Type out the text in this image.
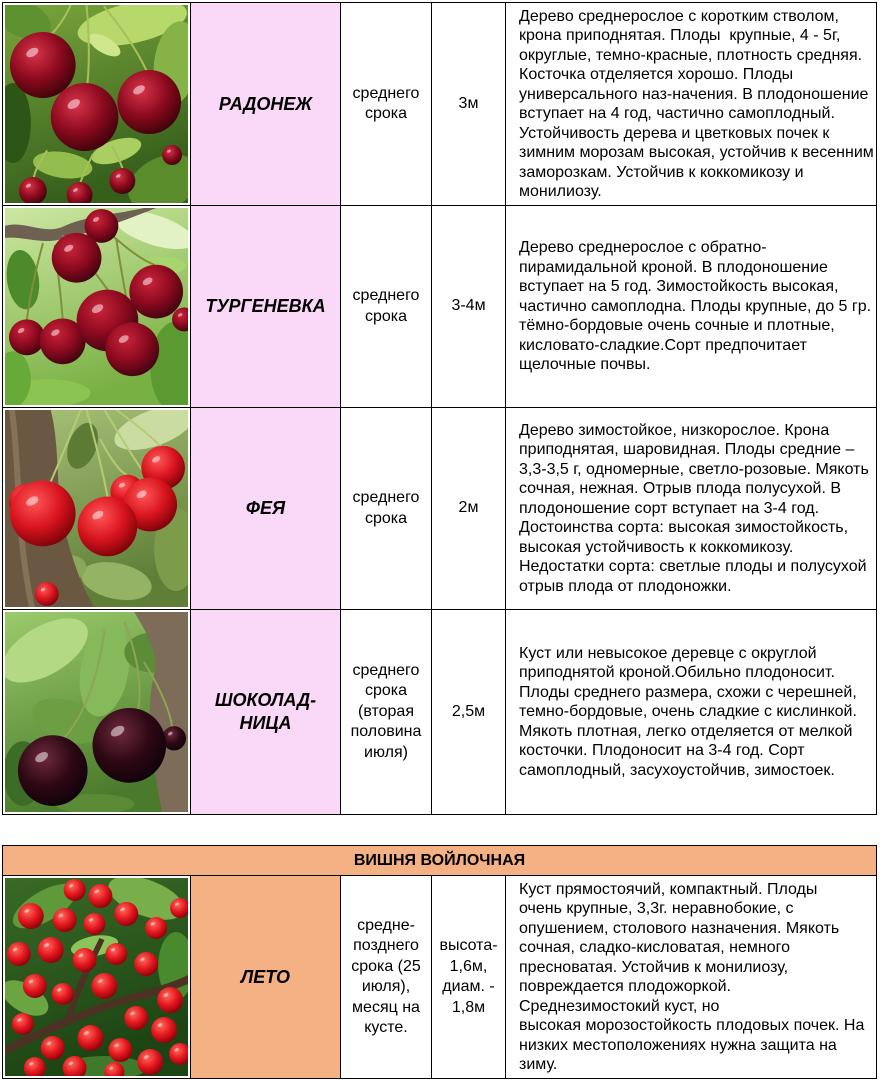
РАДОНЕЖ
среднего
срока
3м
Дерево среднерослое с коротким стволом,
крона приподнятая. Плоды  крупные, 4 - 5г,
округлые, темно-красные, плотность средняя.
Косточка отделяется хорошо. Плоды
универсального наз-начения. В плодоношение
вступает на 4 год, частично самоплодный.
Устойчивость дерева и цветковых почек к
зимним морозам высокая, устойчив к весенним
заморозкам. Устойчив к коккомикозу и
монилиозу.
ТУРГЕНЕВКА
среднего
срока
3-4м
Дерево среднерослое с обратно-
пирамидальной кроной. В плодоношение
вступает на 5 год. Зимостойкость высокая,
частично самоплодна. Плоды крупные, до 5 гр.
тёмно-бордовые очень сочные и плотные,
кисловато-сладкие.Сорт предпочитает
щелочные почвы.
ФЕЯ
среднего
срока
2м
Дерево зимостойкое, низкорослое. Крона
приподнятая, шаровидная. Плоды средние –
3,3-3,5 г, одномерные, светло-розовые. Мякоть
сочная, нежная. Отрыв плода полусухой. В
плодоношение сорт вступает на 3-4 год.
Достоинства сорта: высокая зимостойкость,
высокая устойчивость к коккомикозу.
Недостатки сорта: светлые плоды и полусухой
отрыв плода от плодоножки.
ШОКОЛАД-
НИЦА
среднего
срока
(вторая
половина
июля)
2,5м
Куст или невысокое деревце с округлой
приподнятой кроной.Обильно плодоносит.
Плоды среднего размера, схожи с черешней,
темно-бордовые, очень сладкие с кислинкой.
Мякоть плотная, легко отделяется от мелкой
косточки. Плодоносит на 3-4 год. Сорт
самоплодный, засухоустойчив, зимостоек.
ВИШНЯ ВОЙЛОЧНАЯ
ЛЕТО
средне-
позднего
срока (25
июля),
месяц на
кусте.
высота-
1,6м,
диам. -
1,8м
Куст прямостоячий, компактный. Плоды
очень крупные, 3,3г. неравнобокие, с
опушением, столового назначения. Мякоть
сочная, сладко-кисловатая, немного
пресноватая. Устойчив к монилиозу,
повреждается плодожоркой.
Среднезимостокий куст, но
высокая морозостойкость плодовых почек. На
низких местоположениях нужна защита на
зиму.
